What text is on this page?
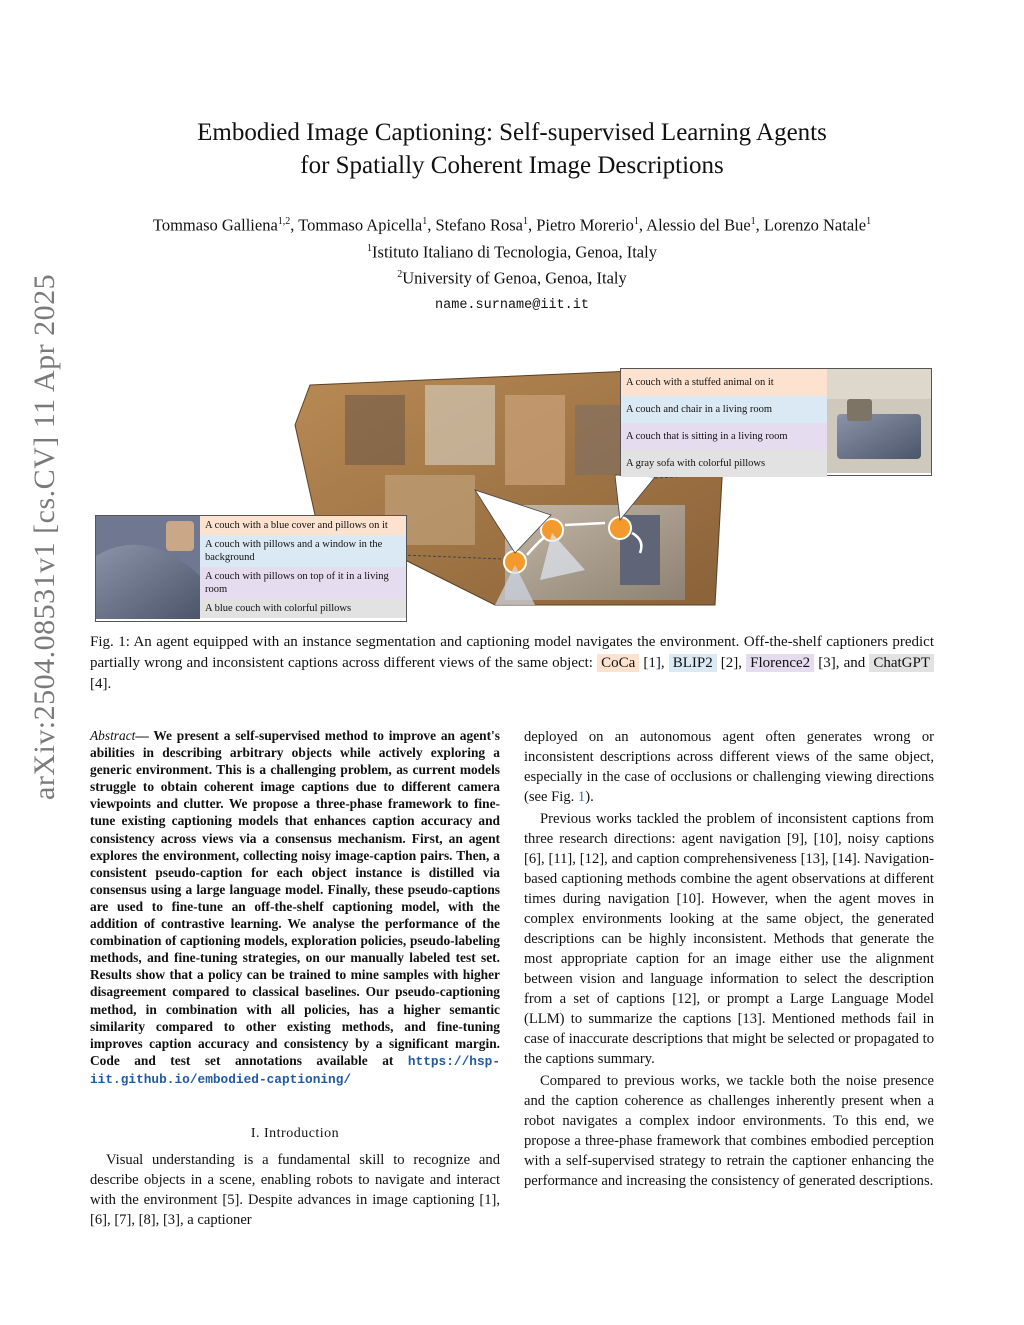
arXiv:2504.08531v1 [cs.CV] 11 Apr 2025
Embodied Image Captioning: Self-supervised Learning Agents
for Spatially Coherent Image Descriptions
Tommaso Galliena$^{1,2}$, Tommaso Apicella$^1$, Stefano Rosa$^1$, Pietro Morerio$^1$, Alessio del Bue$^1$, Lorenzo Natale$^1$
$^1$Istituto Italiano di Tecnologia, Genoa, Italy
$^2$University of Genoa, Genoa, Italy
name.surname@iit.it
A couch with a blue cover and pillows on it
A couch with pillows and a window in the background
A couch with pillows on top of it in a living room
A blue couch with colorful pillows
A couch with a stuffed animal on it
A couch and chair in a living room
A couch that is sitting in a living room
A gray sofa with colorful pillows
Fig. 1: An agent equipped with an instance segmentation and captioning model navigates the environment. Off-the-shelf captioners predict partially wrong and inconsistent captions across different views of the same object: CoCa [1], BLIP2 [2], Florence2 [3], and ChatGPT [4].
Abstract— We present a self-supervised method to improve an agent's abilities in describing arbitrary objects while actively exploring a generic environment. This is a challenging problem, as current models struggle to obtain coherent image captions due to different camera viewpoints and clutter. We propose a three-phase framework to fine-tune existing captioning models that enhances caption accuracy and consistency across views via a consensus mechanism. First, an agent explores the environment, collecting noisy image-caption pairs. Then, a consistent pseudo-caption for each object instance is distilled via consensus using a large language model. Finally, these pseudo-captions are used to fine-tune an off-the-shelf captioning model, with the addition of contrastive learning. We analyse the performance of the combination of captioning models, exploration policies, pseudo-labeling methods, and fine-tuning strategies, on our manually labeled test set. Results show that a policy can be trained to mine samples with higher disagreement compared to classical baselines. Our pseudo-captioning method, in combination with all policies, has a higher semantic similarity compared to other existing methods, and fine-tuning improves caption accuracy and consistency by a significant margin. Code and test set annotations available at https://hsp-iit.github.io/embodied-captioning/
I. Introduction

Visual understanding is a fundamental skill to recognize and describe objects in a scene, enabling robots to navigate and interact with the environment [5]. Despite advances in image captioning [1], [6], [7], [8], [3], a captioner

deployed on an autonomous agent often generates wrong or inconsistent descriptions across different views of the same object, especially in the case of occlusions or challenging viewing directions (see Fig. 1).

Previous works tackled the problem of inconsistent captions from three research directions: agent navigation [9], [10], noisy captions [6], [11], [12], and caption comprehensiveness [13], [14]. Navigation-based captioning methods combine the agent observations at different times during navigation [10]. However, when the agent moves in complex environments looking at the same object, the generated descriptions can be highly inconsistent. Methods that generate the most appropriate caption for an image either use the alignment between vision and language information to select the description from a set of captions [12], or prompt a Large Language Model (LLM) to summarize the captions [13]. Mentioned methods fail in case of inaccurate descriptions that might be selected or propagated to the captions summary.

Compared to previous works, we tackle both the noise presence and the caption coherence as challenges inherently present when a robot navigates a complex indoor environments. To this end, we propose a three-phase framework that combines embodied perception with a self-supervised strategy to retrain the captioner enhancing the performance and increasing the consistency of generated descriptions.
